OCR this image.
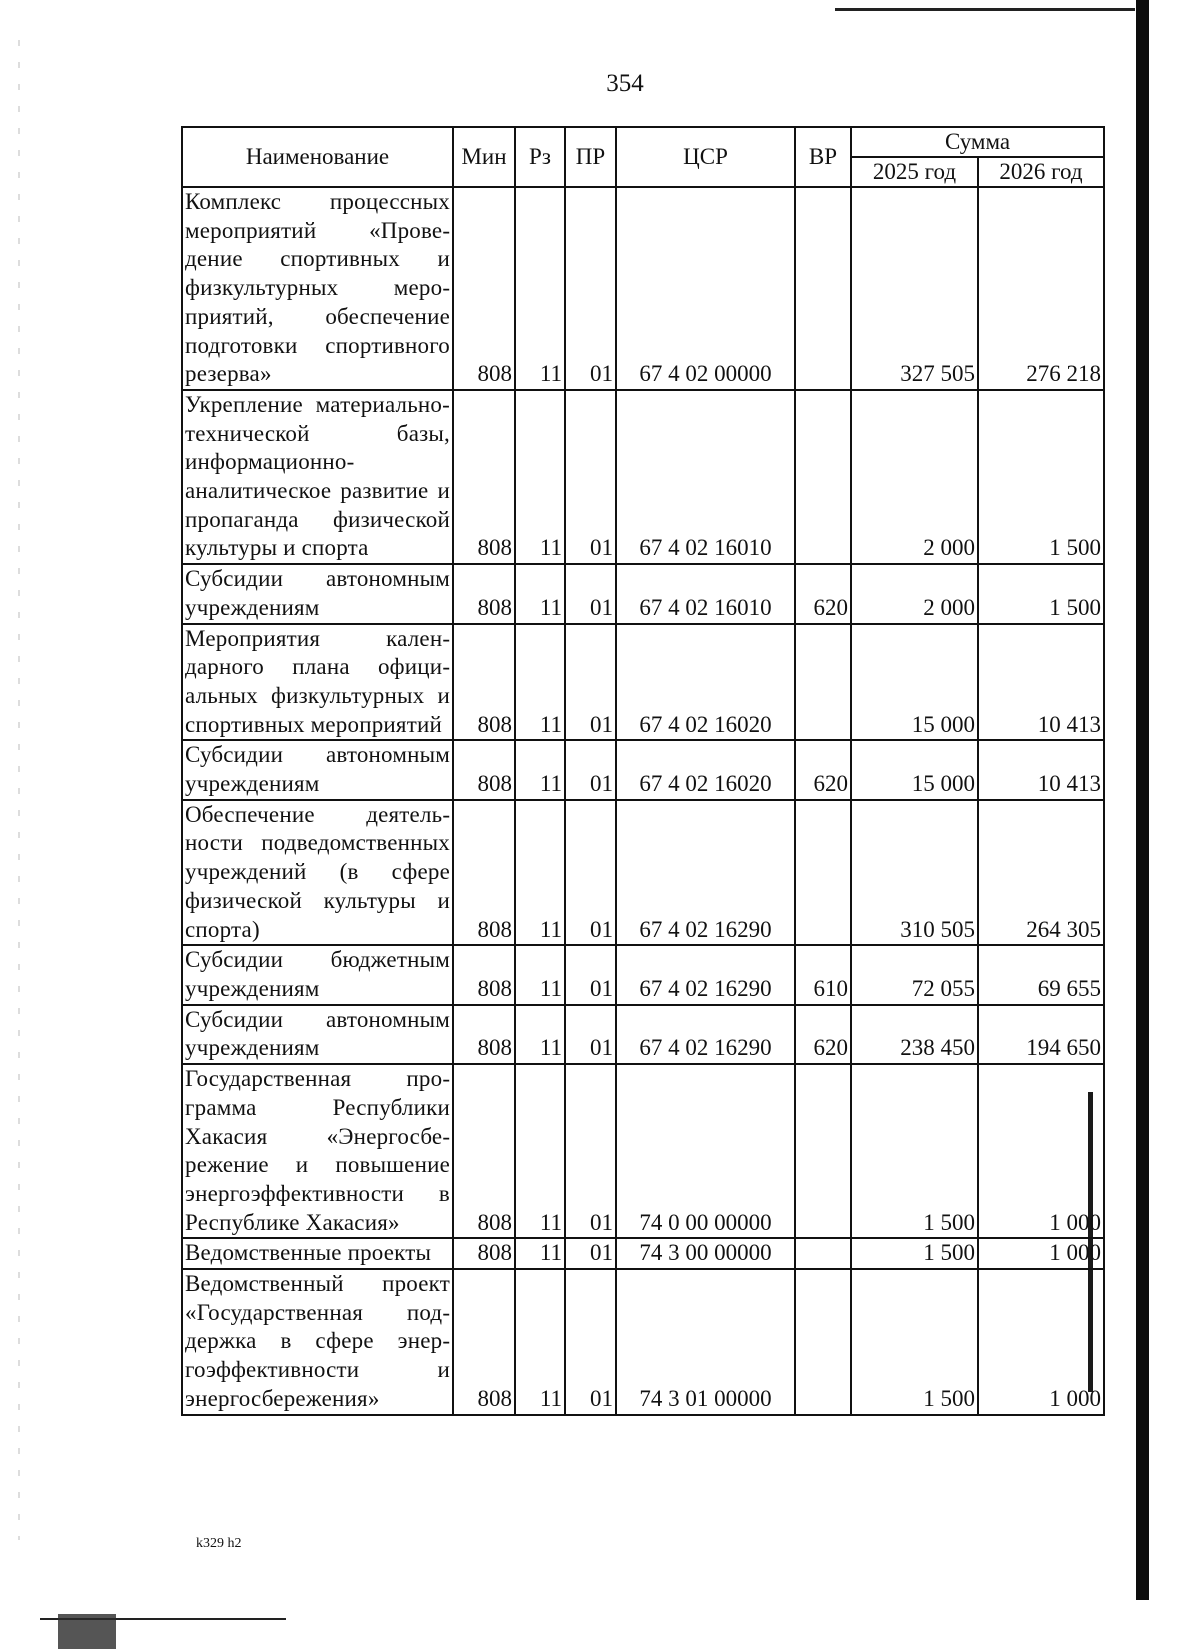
354
Наименование	Мин	Рз	ПР	ЦСР	ВР	Сумма	
						2025 год	2026 год
Комплекс процессных мероприятий «Проведение спортивных и физкультурных мероприятий, обеспечение подготовки спортивного резерва»	808	11	01	67 4 02 00000		327 505	276 218
Укрепление материально-технической базы, информационно-аналитическое развитие и пропаганда физической культуры и спорта	808	11	01	67 4 02 16010		2 000	1 500
Субсидии автономным учреждениям	808	11	01	67 4 02 16010	620	2 000	1 500
Мероприятия календарного плана официальных физкультурных и спортивных мероприятий	808	11	01	67 4 02 16020		15 000	10 413
Субсидии автономным учреждениям	808	11	01	67 4 02 16020	620	15 000	10 413
Обеспечение деятельности подведомственных учреждений (в сфере физической культуры и спорта)	808	11	01	67 4 02 16290		310 505	264 305
Субсидии бюджетным учреждениям	808	11	01	67 4 02 16290	610	72 055	69 655
Субсидии автономным учреждениям	808	11	01	67 4 02 16290	620	238 450	194 650
Государственная программа Республики Хакасия «Энергосбережение и повышение энергоэффективности в Республике Хакасия»	808	11	01	74 0 00 00000		1 500	1 000
Ведомственные проекты	808	11	01	74 3 00 00000		1 500	1 000
Ведомственный проект «Государственная поддержка в сфере энергоэффективности и энергосбережения»	808	11	01	74 3 01 00000		1 500	1 000
k329 h2
